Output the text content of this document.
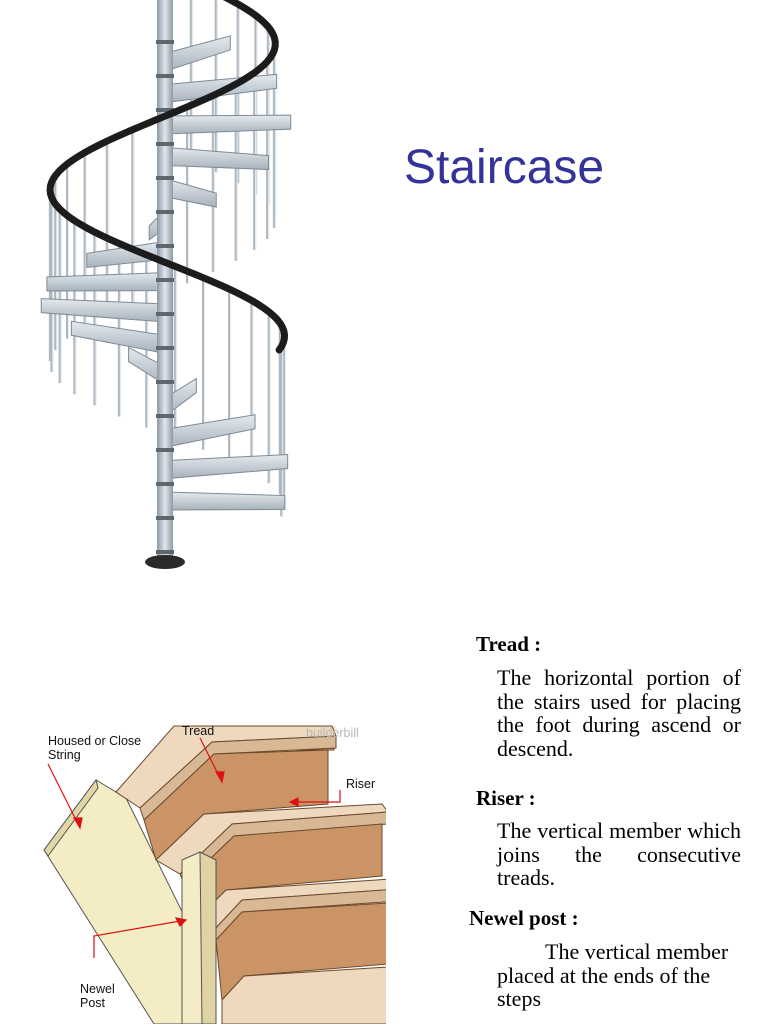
Staircase
Housed or Close
String
Tread	builderbill
Riser
Newel
Post
Tread :

The horizontal portion of the stairs used for placing the foot during ascend or descend.

Riser :

The vertical member which joins the consecutive treads.

Newel post :

The vertical member placed at the ends of the steps
